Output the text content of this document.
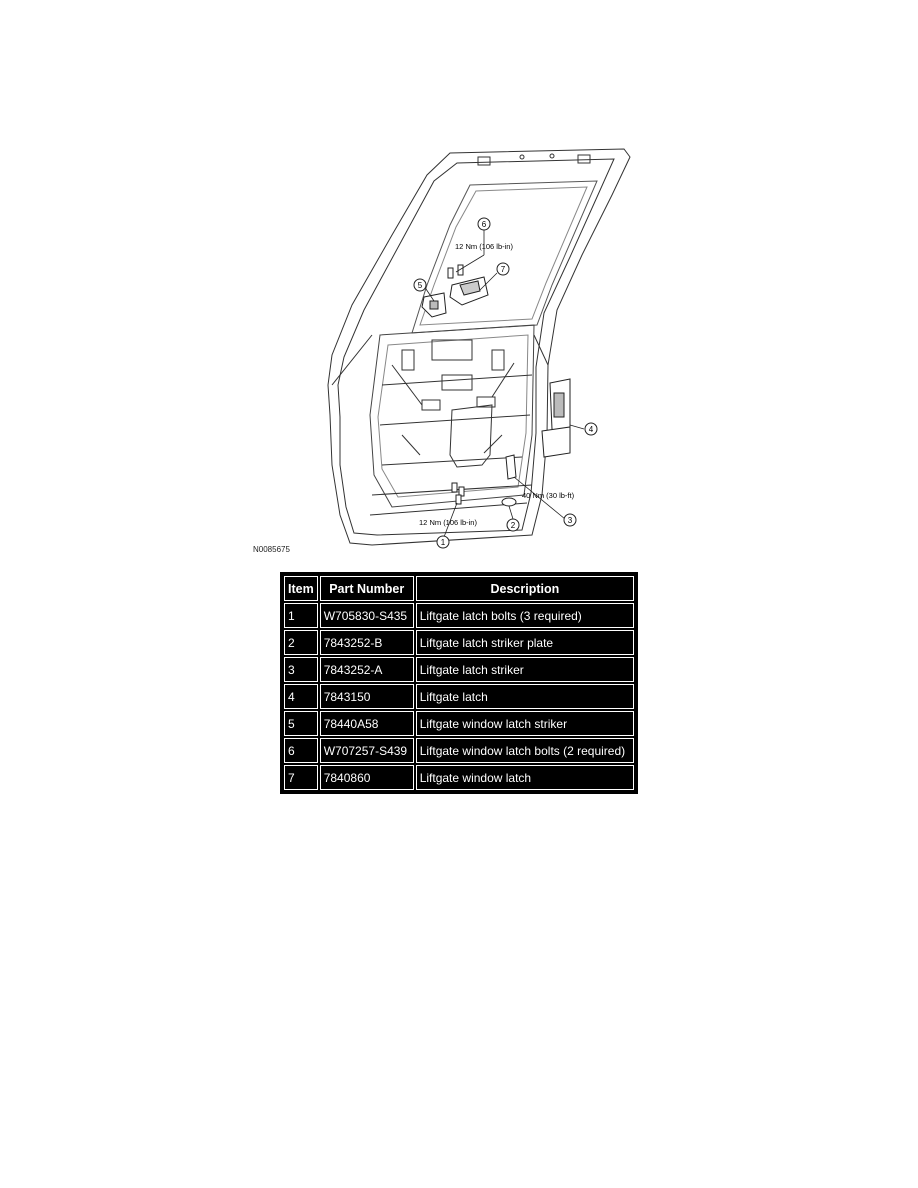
6
12 Nm (106 lb-in)
7
5
4
40 Nm (30 lb-ft)
3
2
12 Nm (106 lb-in)
1
N0085675
Item	Part Number	Description
1	W705830-S435	Liftgate latch bolts (3 required)
2	7843252-B	Liftgate latch striker plate
3	7843252-A	Liftgate latch striker
4	7843150	Liftgate latch
5	78440A58	Liftgate window latch striker
6	W707257-S439	Liftgate window latch bolts (2 required)
7	7840860	Liftgate window latch
